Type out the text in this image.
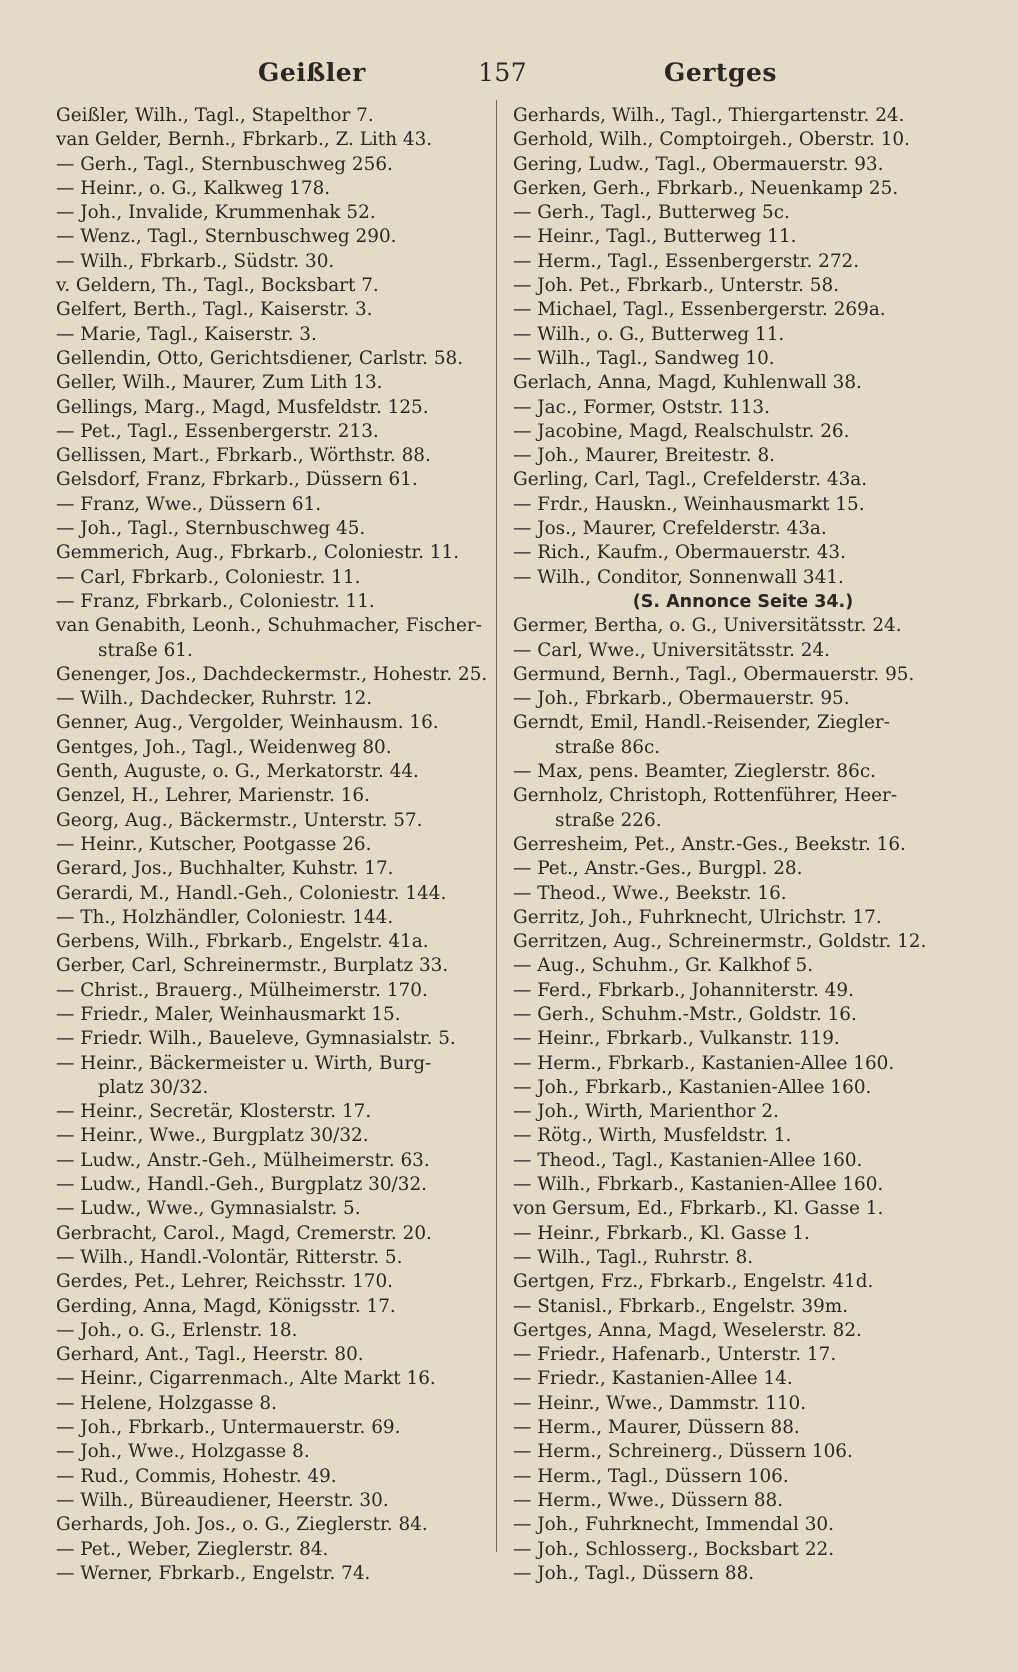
Geißler	157	Gertges
Geißler, Wilh., Tagl., Stapelthor 7.
van Gelder, Bernh., Fbrkarb., Z. Lith 43.
— Gerh., Tagl., Sternbuschweg 256.
— Heinr., o. G., Kalkweg 178.
— Joh., Invalide, Krummenhak 52.
— Wenz., Tagl., Sternbuschweg 290.
— Wilh., Fbrkarb., Südstr. 30.
v. Geldern, Th., Tagl., Bocksbart 7.
Gelfert, Berth., Tagl., Kaiserstr. 3.
— Marie, Tagl., Kaiserstr. 3.
Gellendin, Otto, Gerichtsdiener, Carlstr. 58.
Geller, Wilh., Maurer, Zum Lith 13.
Gellings, Marg., Magd, Musfeldstr. 125.
— Pet., Tagl., Essenbergerstr. 213.
Gellissen, Mart., Fbrkarb., Wörthstr. 88.
Gelsdorf, Franz, Fbrkarb., Düssern 61.
— Franz, Wwe., Düssern 61.
— Joh., Tagl., Sternbuschweg 45.
Gemmerich, Aug., Fbrkarb., Coloniestr. 11.
— Carl, Fbrkarb., Coloniestr. 11.
— Franz, Fbrkarb., Coloniestr. 11.
van Genabith, Leonh., Schuhmacher, Fischer-
straße 61.
Genenger, Jos., Dachdeckermstr., Hohestr. 25.
— Wilh., Dachdecker, Ruhrstr. 12.
Genner, Aug., Vergolder, Weinhausm. 16.
Gentges, Joh., Tagl., Weidenweg 80.
Genth, Auguste, o. G., Merkatorstr. 44.
Genzel, H., Lehrer, Marienstr. 16.
Georg, Aug., Bäckermstr., Unterstr. 57.
— Heinr., Kutscher, Pootgasse 26.
Gerard, Jos., Buchhalter, Kuhstr. 17.
Gerardi, M., Handl.-Geh., Coloniestr. 144.
— Th., Holzhändler, Coloniestr. 144.
Gerbens, Wilh., Fbrkarb., Engelstr. 41a.
Gerber, Carl, Schreinermstr., Burplatz 33.
— Christ., Brauerg., Mülheimerstr. 170.
— Friedr., Maler, Weinhausmarkt 15.
— Friedr. Wilh., Baueleve, Gymnasialstr. 5.
— Heinr., Bäckermeister u. Wirth, Burg-
platz 30/32.
— Heinr., Secretär, Klosterstr. 17.
— Heinr., Wwe., Burgplatz 30/32.
— Ludw., Anstr.-Geh., Mülheimerstr. 63.
— Ludw., Handl.-Geh., Burgplatz 30/32.
— Ludw., Wwe., Gymnasialstr. 5.
Gerbracht, Carol., Magd, Cremerstr. 20.
— Wilh., Handl.-Volontär, Ritterstr. 5.
Gerdes, Pet., Lehrer, Reichsstr. 170.
Gerding, Anna, Magd, Königsstr. 17.
— Joh., o. G., Erlenstr. 18.
Gerhard, Ant., Tagl., Heerstr. 80.
— Heinr., Cigarrenmach., Alte Markt 16.
— Helene, Holzgasse 8.
— Joh., Fbrkarb., Untermauerstr. 69.
— Joh., Wwe., Holzgasse 8.
— Rud., Commis, Hohestr. 49.
— Wilh., Büreaudiener, Heerstr. 30.
Gerhards, Joh. Jos., o. G., Zieglerstr. 84.
— Pet., Weber, Zieglerstr. 84.
— Werner, Fbrkarb., Engelstr. 74.
Gerhards, Wilh., Tagl., Thiergartenstr. 24.
Gerhold, Wilh., Comptoirgeh., Oberstr. 10.
Gering, Ludw., Tagl., Obermauerstr. 93.
Gerken, Gerh., Fbrkarb., Neuenkamp 25.
— Gerh., Tagl., Butterweg 5c.
— Heinr., Tagl., Butterweg 11.
— Herm., Tagl., Essenbergerstr. 272.
— Joh. Pet., Fbrkarb., Unterstr. 58.
— Michael, Tagl., Essenbergerstr. 269a.
— Wilh., o. G., Butterweg 11.
— Wilh., Tagl., Sandweg 10.
Gerlach, Anna, Magd, Kuhlenwall 38.
— Jac., Former, Oststr. 113.
— Jacobine, Magd, Realschulstr. 26.
— Joh., Maurer, Breitestr. 8.
Gerling, Carl, Tagl., Crefelderstr. 43a.
— Frdr., Hauskn., Weinhausmarkt 15.
— Jos., Maurer, Crefelderstr. 43a.
— Rich., Kaufm., Obermauerstr. 43.
— Wilh., Conditor, Sonnenwall 341.
(S. Annonce Seite 34.)
Germer, Bertha, o. G., Universitätsstr. 24.
— Carl, Wwe., Universitätsstr. 24.
Germund, Bernh., Tagl., Obermauerstr. 95.
— Joh., Fbrkarb., Obermauerstr. 95.
Gerndt, Emil, Handl.-Reisender, Ziegler-
straße 86c.
— Max, pens. Beamter, Zieglerstr. 86c.
Gernholz, Christoph, Rottenführer, Heer-
straße 226.
Gerresheim, Pet., Anstr.-Ges., Beekstr. 16.
— Pet., Anstr.-Ges., Burgpl. 28.
— Theod., Wwe., Beekstr. 16.
Gerritz, Joh., Fuhrknecht, Ulrichstr. 17.
Gerritzen, Aug., Schreinermstr., Goldstr. 12.
— Aug., Schuhm., Gr. Kalkhof 5.
— Ferd., Fbrkarb., Johanniterstr. 49.
— Gerh., Schuhm.-Mstr., Goldstr. 16.
— Heinr., Fbrkarb., Vulkanstr. 119.
— Herm., Fbrkarb., Kastanien-Allee 160.
— Joh., Fbrkarb., Kastanien-Allee 160.
— Joh., Wirth, Marienthor 2.
— Rötg., Wirth, Musfeldstr. 1.
— Theod., Tagl., Kastanien-Allee 160.
— Wilh., Fbrkarb., Kastanien-Allee 160.
von Gersum, Ed., Fbrkarb., Kl. Gasse 1.
— Heinr., Fbrkarb., Kl. Gasse 1.
— Wilh., Tagl., Ruhrstr. 8.
Gertgen, Frz., Fbrkarb., Engelstr. 41d.
— Stanisl., Fbrkarb., Engelstr. 39m.
Gertges, Anna, Magd, Weselerstr. 82.
— Friedr., Hafenarb., Unterstr. 17.
— Friedr., Kastanien-Allee 14.
— Heinr., Wwe., Dammstr. 110.
— Herm., Maurer, Düssern 88.
— Herm., Schreinerg., Düssern 106.
— Herm., Tagl., Düssern 106.
— Herm., Wwe., Düssern 88.
— Joh., Fuhrknecht, Immendal 30.
— Joh., Schlosserg., Bocksbart 22.
— Joh., Tagl., Düssern 88.
